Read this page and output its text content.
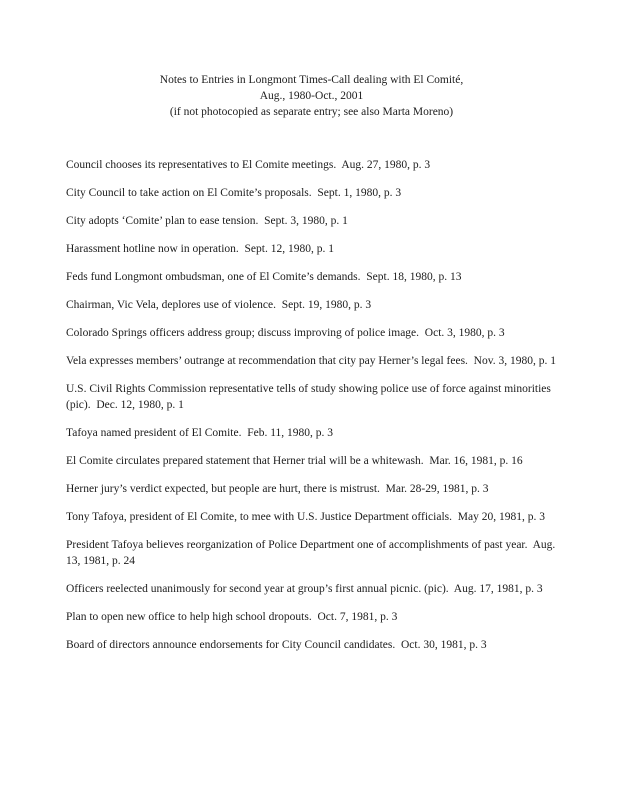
Notes to Entries in Longmont Times-Call dealing with El Comité,
Aug., 1980-Oct., 2001
(if not photocopied as separate entry; see also Marta Moreno)

Council chooses its representatives to El Comite meetings.  Aug. 27, 1980, p. 3

City Council to take action on El Comite’s proposals.  Sept. 1, 1980, p. 3

City adopts ‘Comite’ plan to ease tension.  Sept. 3, 1980, p. 1

Harassment hotline now in operation.  Sept. 12, 1980, p. 1

Feds fund Longmont ombudsman, one of El Comite’s demands.  Sept. 18, 1980, p. 13

Chairman, Vic Vela, deplores use of violence.  Sept. 19, 1980, p. 3

Colorado Springs officers address group; discuss improving of police image.  Oct. 3, 1980, p. 3

Vela expresses members’ outrange at recommendation that city pay Herner’s legal fees.  Nov. 3, 1980, p. 1

U.S. Civil Rights Commission representative tells of study showing police use of force against minorities (pic).  Dec. 12, 1980, p. 1

Tafoya named president of El Comite.  Feb. 11, 1980, p. 3

El Comite circulates prepared statement that Herner trial will be a whitewash.  Mar. 16, 1981, p. 16

Herner jury’s verdict expected, but people are hurt, there is mistrust.  Mar. 28-29, 1981, p. 3

Tony Tafoya, president of El Comite, to mee with U.S. Justice Department officials.  May 20, 1981, p. 3

President Tafoya believes reorganization of Police Department one of accomplishments of past year.  Aug. 13, 1981, p. 24

Officers reelected unanimously for second year at group’s first annual picnic. (pic).  Aug. 17, 1981, p. 3

Plan to open new office to help high school dropouts.  Oct. 7, 1981, p. 3

Board of directors announce endorsements for City Council candidates.  Oct. 30, 1981, p. 3
